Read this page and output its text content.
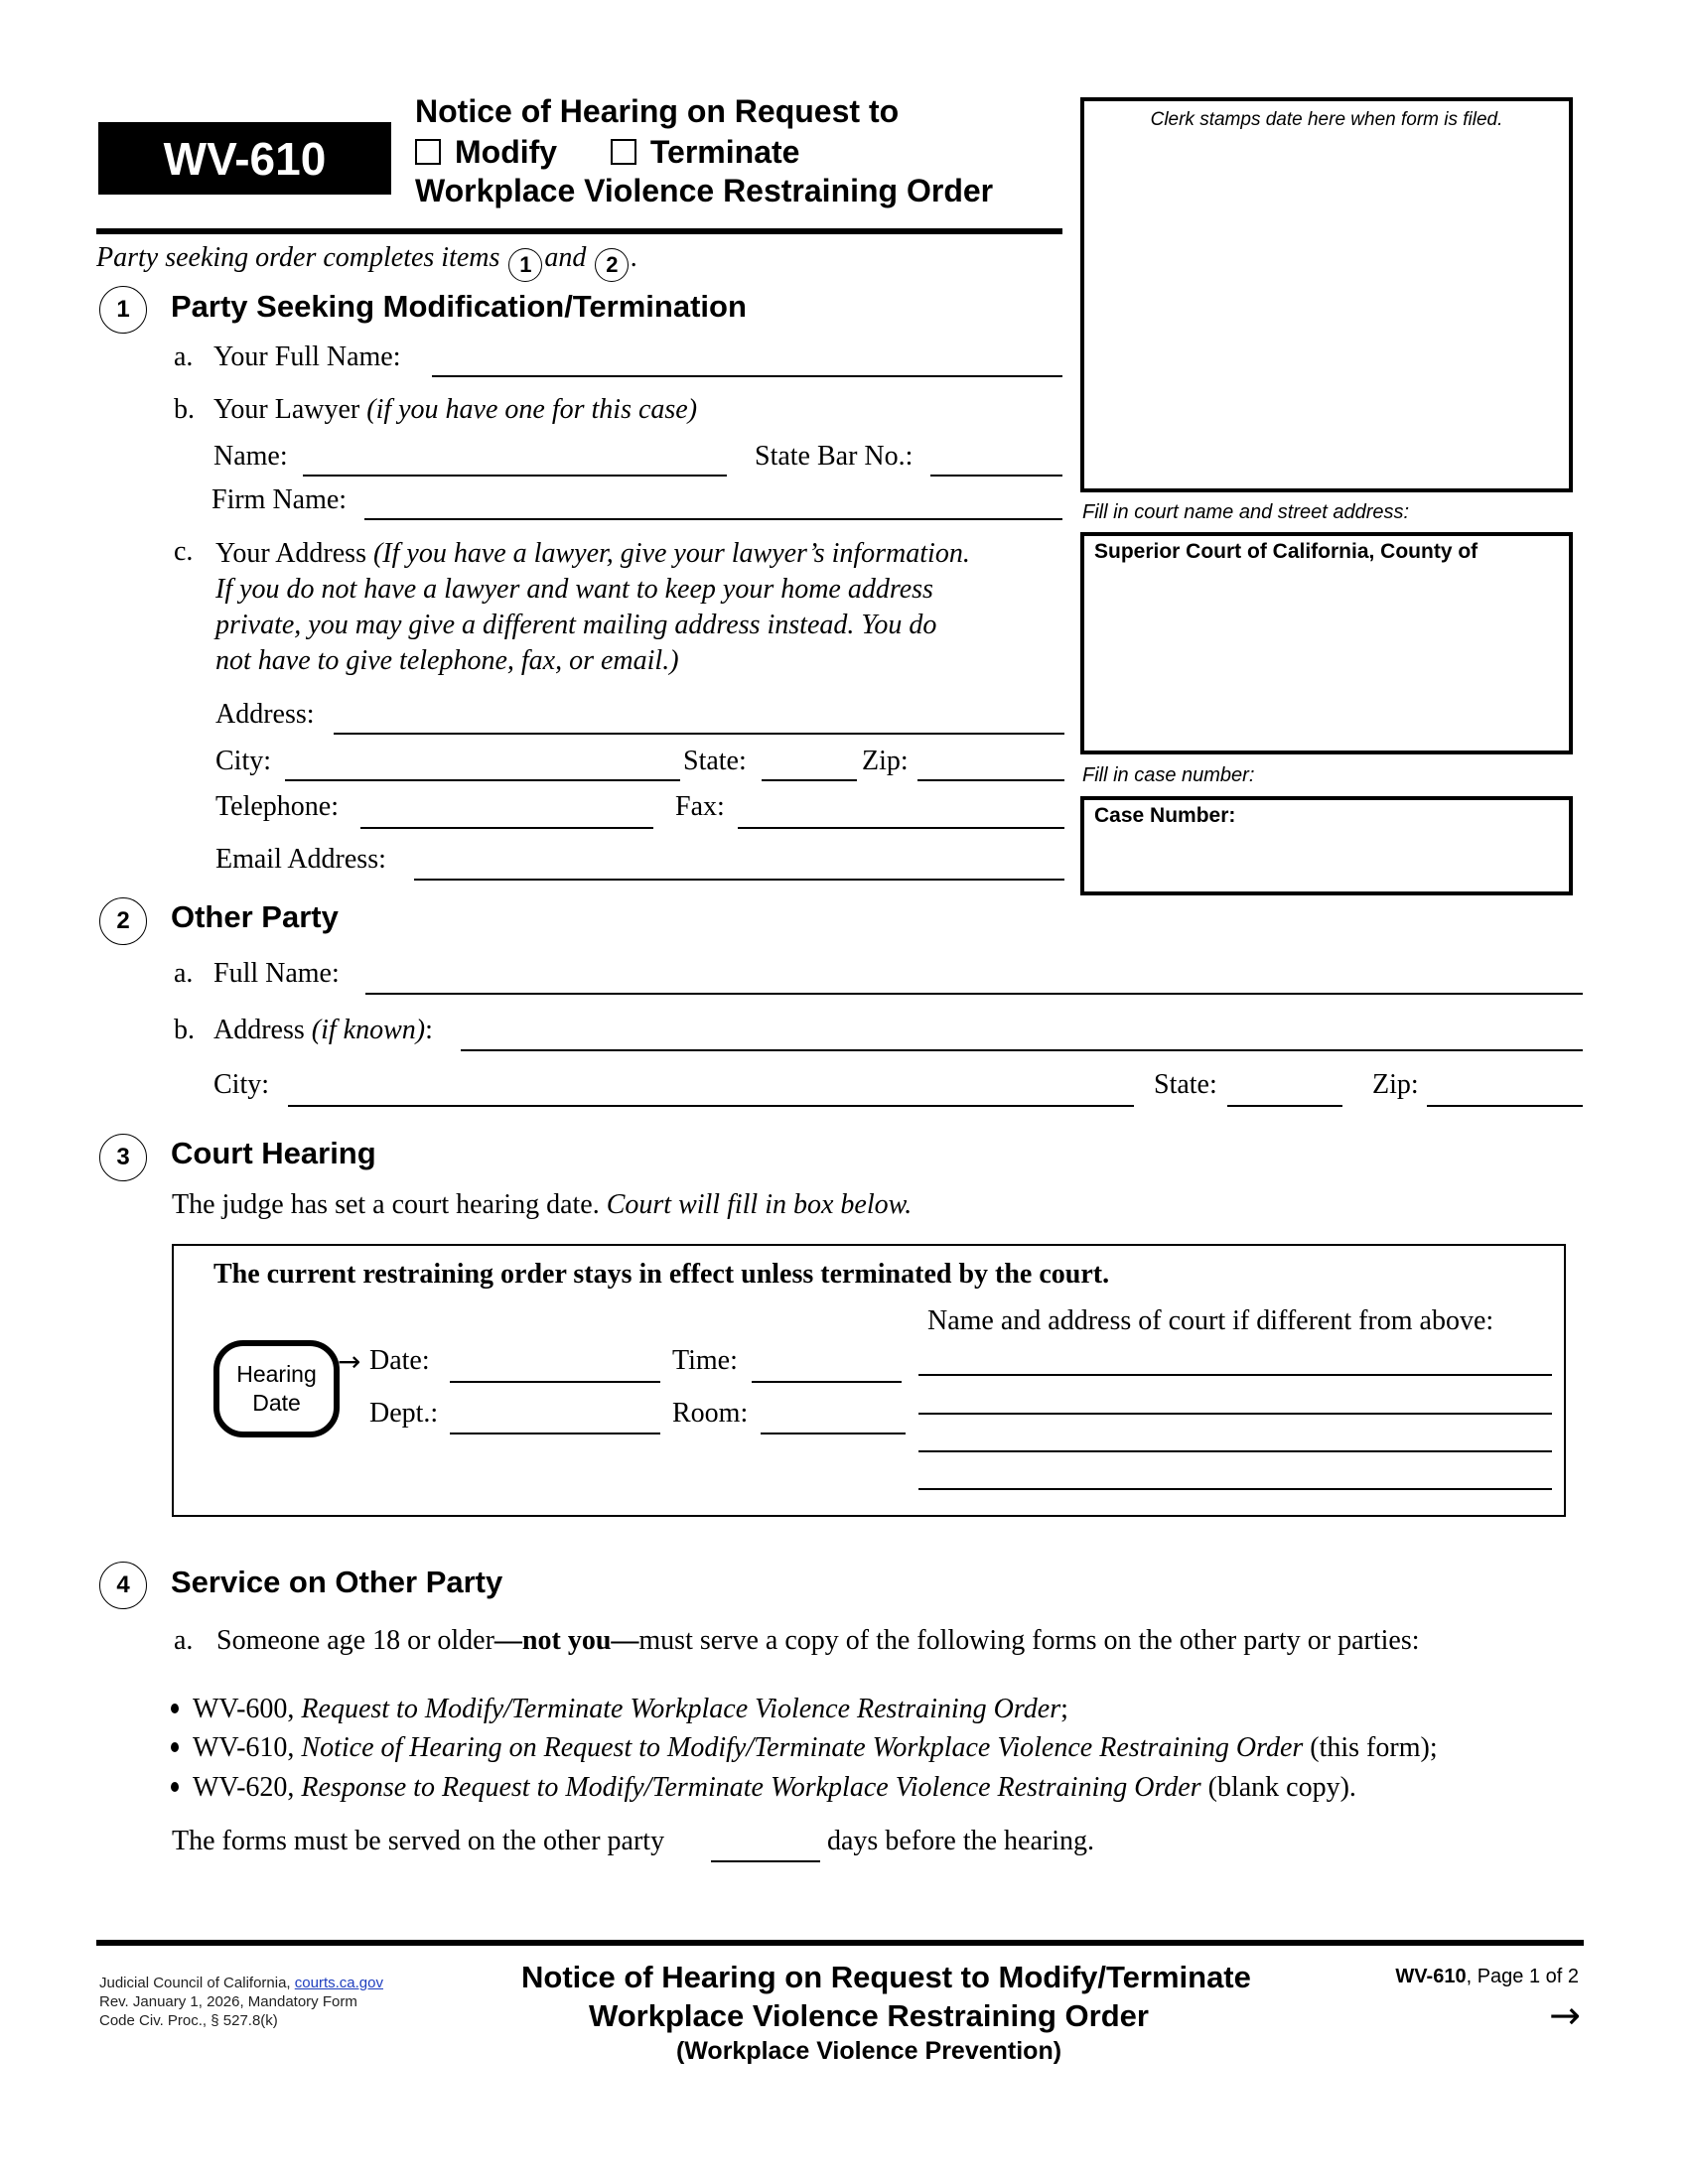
WV-610
Notice of Hearing on Request to
Modify	Terminate
Workplace Violence Restraining Order
Clerk stamps date here when form is filed.
Fill in court name and street address:
Superior Court of California, County of
Fill in case number:
Case Number:
Party seeking order completes items 1 and 2 .
1	Party Seeking Modification/Termination
a. Your Full Name:
b. Your Lawyer (if you have one for this case)
Name:	State Bar No.:
Firm Name:
c. Your Address (If you have a lawyer, give your lawyer’s information.
If you do not have a lawyer and want to keep your home address
private, you may give a different mailing address instead. You do
not have to give telephone, fax, or email.)
Address:
City:	State:	Zip:
Telephone:	Fax:
Email Address:
2	Other Party
a. Full Name:
b. Address (if known):
City:	State:	Zip:
3	Court Hearing
The judge has set a court hearing date. Court will fill in box below.
The current restraining order stays in effect unless terminated by the court.
Hearing
Date
→ Date:	Time:
Dept.:	Room:
Name and address of court if different from above:
4	Service on Other Party
a. Someone age 18 or older—not you—must serve a copy of the following forms on the other party or parties:
WV-600, Request to Modify/Terminate Workplace Violence Restraining Order;
WV-610, Notice of Hearing on Request to Modify/Terminate Workplace Violence Restraining Order (this form);
WV-620, Response to Request to Modify/Terminate Workplace Violence Restraining Order (blank copy).
The forms must be served on the other party	days before the hearing.
Judicial Council of California, courts.ca.gov
Rev. January 1, 2026, Mandatory Form
Code Civ. Proc., § 527.8(k)
Notice of Hearing on Request to Modify/Terminate
Workplace Violence Restraining Order
(Workplace Violence Prevention)
WV-610, Page 1 of 2
→
